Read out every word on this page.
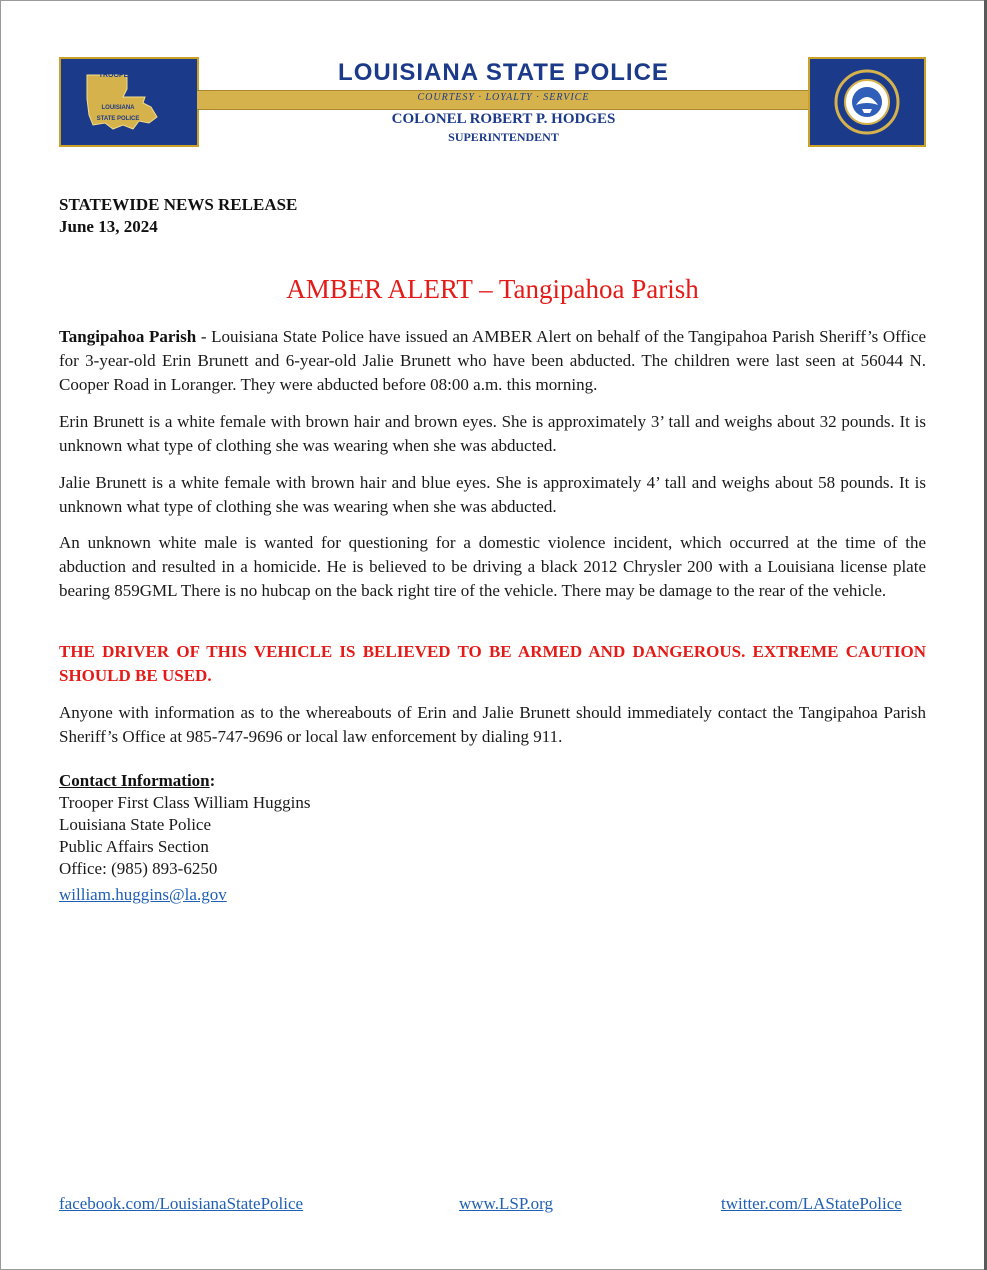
TROOPER
LOUISIANA
STATE POLICE
LOUISIANA STATE POLICE
COURTESY · LOYALTY · SERVICE
COLONEL ROBERT P. HODGES
SUPERINTENDENT
STATEWIDE NEWS RELEASE
June 13, 2024
AMBER ALERT – Tangipahoa Parish
Tangipahoa Parish - Louisiana State Police have issued an AMBER Alert on behalf of the Tangipahoa Parish Sheriff’s Office for 3-year-old Erin Brunett and 6-year-old Jalie Brunett who have been abducted. The children were last seen at 56044 N. Cooper Road in Loranger. They were abducted before 08:00 a.m. this morning.
Erin Brunett is a white female with brown hair and brown eyes. She is approximately 3’ tall and weighs about 32 pounds. It is unknown what type of clothing she was wearing when she was abducted.
Jalie Brunett is a white female with brown hair and blue eyes. She is approximately 4’ tall and weighs about 58 pounds. It is unknown what type of clothing she was wearing when she was abducted.
An unknown white male is wanted for questioning for a domestic violence incident, which occurred at the time of the abduction and resulted in a homicide. He is believed to be driving a black 2012 Chrysler 200 with a Louisiana license plate bearing 859GML There is no hubcap on the back right tire of the vehicle. There may be damage to the rear of the vehicle.
THE DRIVER OF THIS VEHICLE IS BELIEVED TO BE ARMED AND DANGEROUS. EXTREME CAUTION SHOULD BE USED.
Anyone with information as to the whereabouts of Erin and Jalie Brunett should immediately contact the Tangipahoa Parish Sheriff’s Office at 985-747-9696 or local law enforcement by dialing 911.
Contact Information:
Trooper First Class William Huggins
Louisiana State Police
Public Affairs Section
Office: (985) 893-6250
william.huggins@la.gov
facebook.com/LouisianaStatePolice	www.LSP.org	twitter.com/LAStatePolice
